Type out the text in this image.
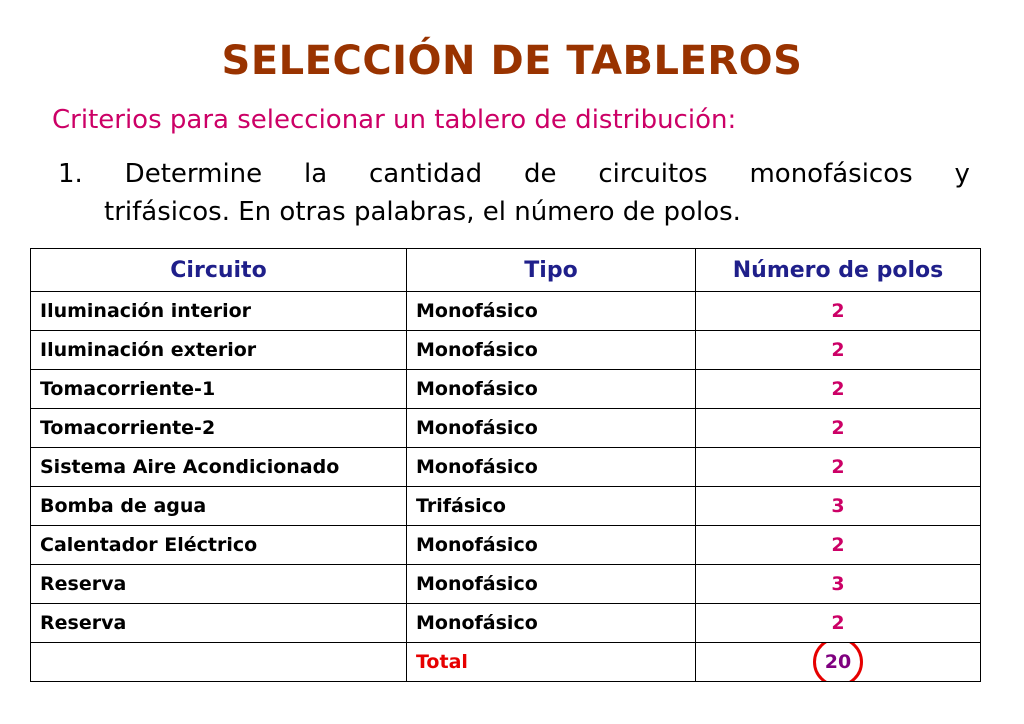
SELECCIÓN DE TABLEROS
Criterios para seleccionar un tablero de distribución:
1. Determine la cantidad de circuitos monofásicos y
trifásicos. En otras palabras, el número de polos.
Circuito	Tipo	Número de polos
Iluminación interior	Monofásico	2
Iluminación exterior	Monofásico	2
Tomacorriente-1	Monofásico	2
Tomacorriente-2	Monofásico	2
Sistema Aire Acondicionado	Monofásico	2
Bomba de agua	Trifásico	3
Calentador Eléctrico	Monofásico	2
Reserva	Monofásico	3
Reserva	Monofásico	2
	Total	20
